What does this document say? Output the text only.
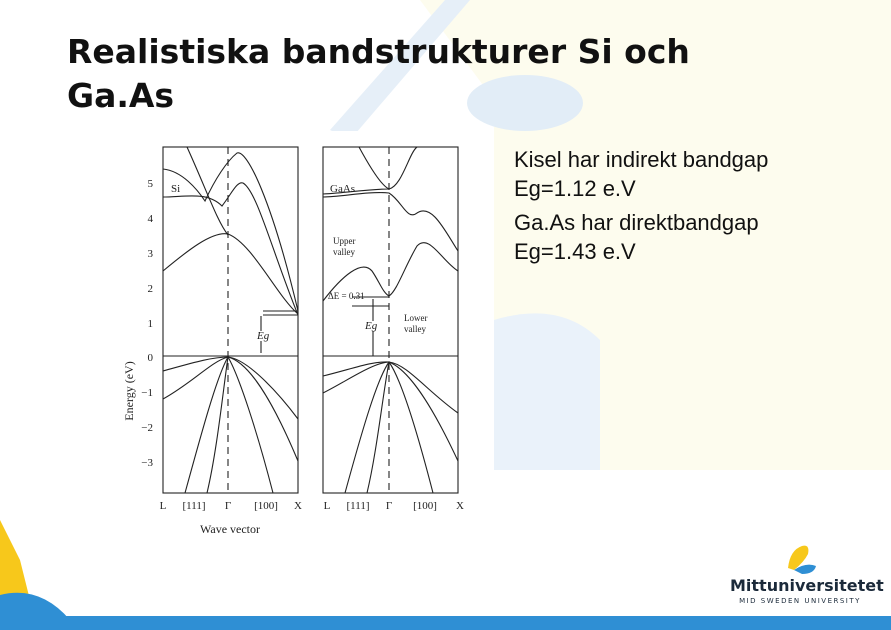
Realistiska bandstrukturer Si och
Ga.As
Energy (eV)
5
4
3
2
1
0
−1
−2
−3
Si
Eg
L [111] Γ [100] X
Wave vector
GaAs
Upper
valley
ΔE = 0.31
Lower
valley
Eg
L [111] Γ [100] X
Kisel har indirekt bandgap
Eg=1.12 e.V
Ga.As har direktbandgap
Eg=1.43 e.V
Mittuniversitetet
MID SWEDEN UNIVERSITY
